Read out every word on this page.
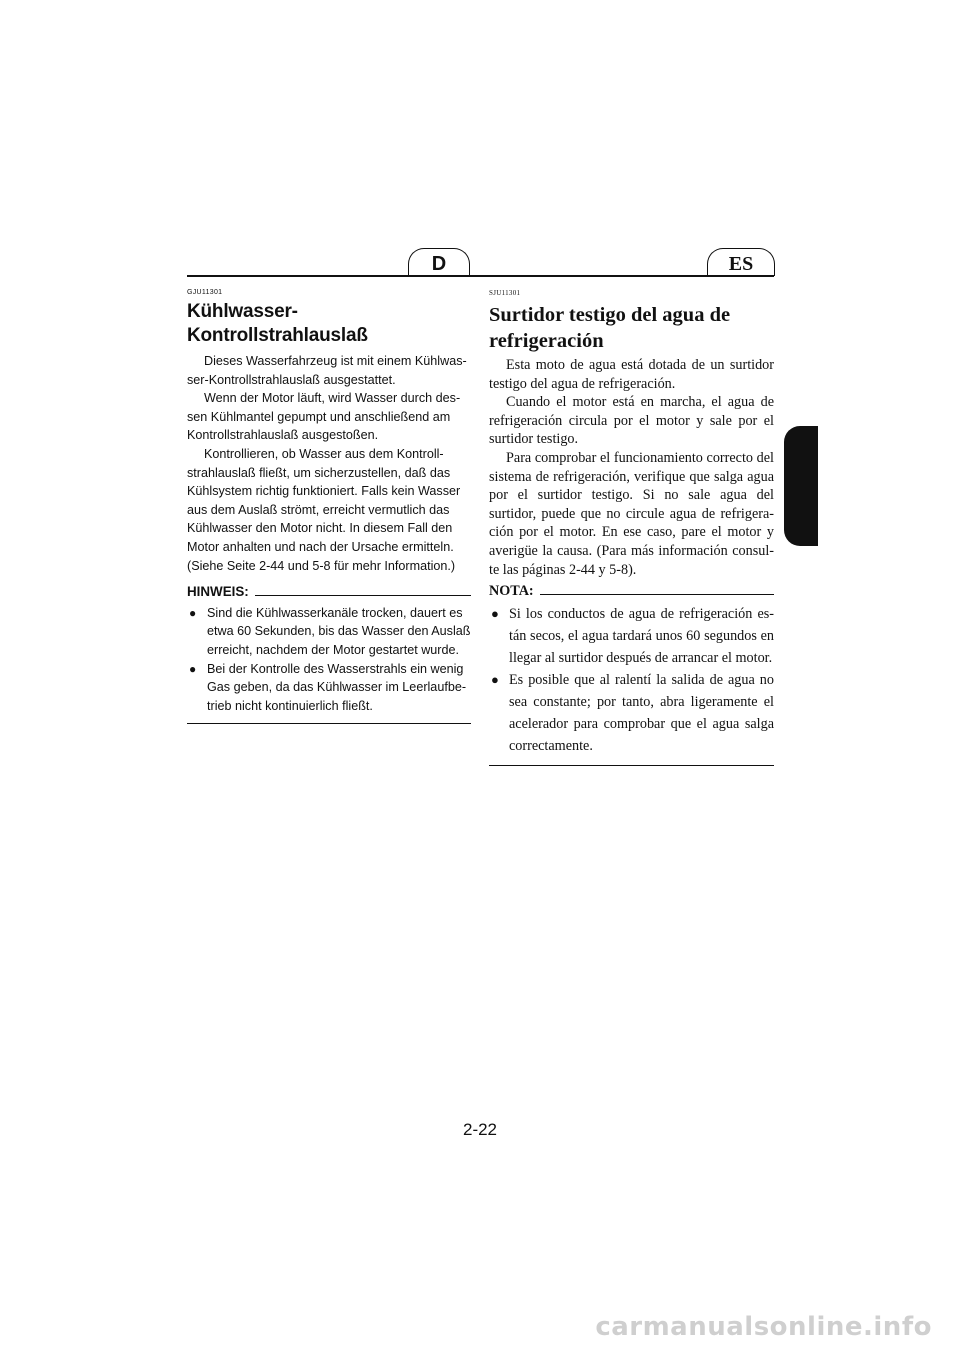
D	ES
GJU11301
Kühlwasser-Kontrollstrahlauslaß

Dieses Wasserfahrzeug ist mit einem Kühlwas-ser-Kontrollstrahlauslaß ausgestattet.

Wenn der Motor läuft, wird Wasser durch des-sen Kühlmantel gepumpt und anschließend am Kontrollstrahlauslaß ausgestoßen.

Kontrollieren, ob Wasser aus dem Kontroll-strahlauslaß fließt, um sicherzustellen, daß das Kühlsystem richtig funktioniert. Falls kein Wasser aus dem Auslaß strömt, erreicht vermutlich das Kühlwasser den Motor nicht. In diesem Fall den Motor anhalten und nach der Ursache ermitteln. (Siehe Seite 2-44 und 5-8 für mehr Information.)

HINWEIS:
● Sind die Kühlwasserkanäle trocken, dauert es etwa 60 Sekunden, bis das Wasser den Auslaß erreicht, nachdem der Motor gestartet wurde.
● Bei der Kontrolle des Wasserstrahls ein wenig Gas geben, da das Kühlwasser im Leerlaufbe-trieb nicht kontinuierlich fließt.
SJU11301
Surtidor testigo del agua de refrigeración

Esta moto de agua está dotada de un surtidor testigo del agua de refrigeración.

Cuando el motor está en marcha, el agua de refrigeración circula por el motor y sale por el surtidor testigo.

Para comprobar el funcionamiento correcto del sistema de refrigeración, verifique que salga agua por el surtidor testigo. Si no sale agua del surtidor, puede que no circule agua de refrigera-ción por el motor. En ese caso, pare el motor y averigüe la causa. (Para más información consul-te las páginas 2-44 y 5-8).

NOTA:
● Si los conductos de agua de refrigeración es-tán secos, el agua tardará unos 60 segundos en llegar al surtidor después de arrancar el motor.
● Es posible que al ralentí la salida de agua no sea constante; por tanto, abra ligeramente el acelerador para comprobar que el agua salga correctamente.
2-22
carmanualsonline.info
